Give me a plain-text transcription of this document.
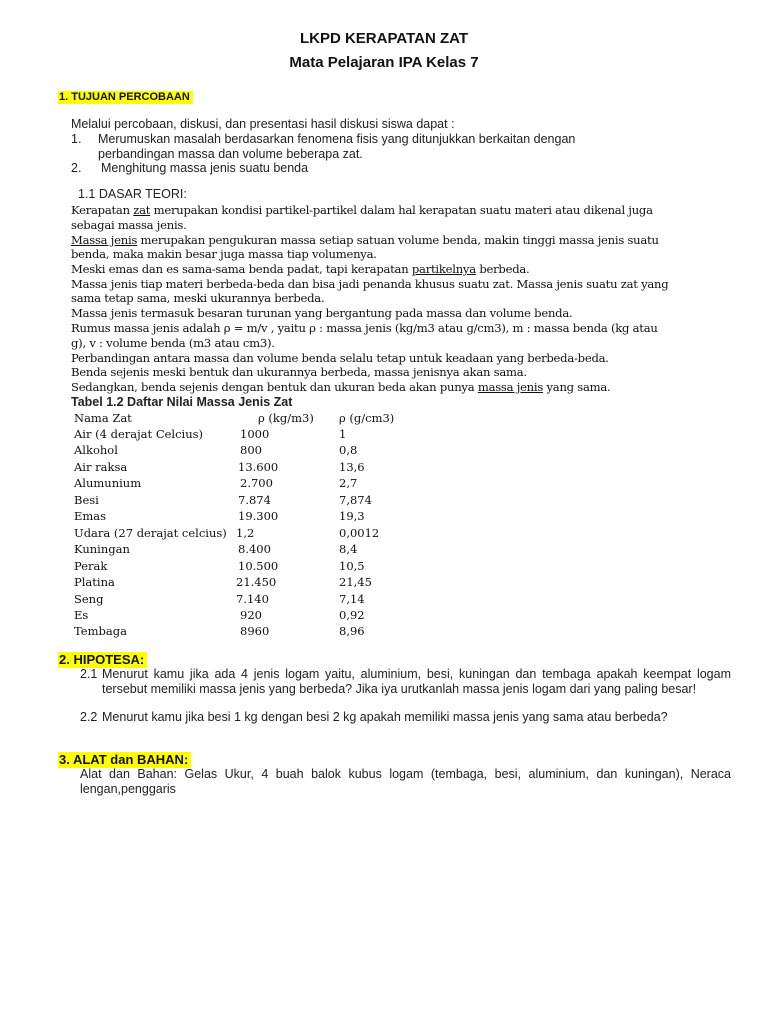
LKPD KERAPATAN ZAT
Mata Pelajaran IPA Kelas 7
1. TUJUAN PERCOBAAN
Melalui percobaan, diskusi, dan presentasi hasil diskusi siswa dapat :
1. Merumuskan masalah berdasarkan fenomena fisis yang ditunjukkan berkaitan dengan
perbandingan massa dan volume beberapa zat.
2. Menghitung massa jenis suatu benda
1.1 DASAR TEORI:
Kerapatan zat merupakan kondisi partikel-partikel dalam hal kerapatan suatu materi atau dikenal juga
sebagai massa jenis.
Massa jenis merupakan pengukuran massa setiap satuan volume benda, makin tinggi massa jenis suatu
benda, maka makin besar juga massa tiap volumenya.
Meski emas dan es sama-sama benda padat, tapi kerapatan partikelnya berbeda.
Massa jenis tiap materi berbeda-beda dan bisa jadi penanda khusus suatu zat. Massa jenis suatu zat yang
sama tetap sama, meski ukurannya berbeda.
Massa jenis termasuk besaran turunan yang bergantung pada massa dan volume benda.
Rumus massa jenis adalah ρ = m/v , yaitu ρ : massa jenis (kg/m3 atau g/cm3), m : massa benda (kg atau
g), v : volume benda (m3 atau cm3).
Perbandingan antara massa dan volume benda selalu tetap untuk keadaan yang berbeda-beda.
Benda sejenis meski bentuk dan ukurannya berbeda, massa jenisnya akan sama.
Sedangkan, benda sejenis dengan bentuk dan ukuran beda akan punya massa jenis yang sama.
Tabel 1.2 Daftar Nilai Massa Jenis Zat
Nama Zat	ρ (kg/m3) ρ (g/cm3)
Air (4 derajat Celcius)	1000	1
Alkohol	800	0,8
Air raksa	13.600	13,6
Alumunium	2.700	2,7
Besi	7.874	7,874
Emas	19.300	19,3
Udara (27 derajat celcius) 1,2	0,0012
Kuningan	8.400	8,4
Perak	10.500	10,5
Platina	21.450	21,45
Seng	7.140	7,14
Es	920	0,92
Tembaga	8960	8,96
2. HIPOTESA:
2.1 Menurut kamu jika ada 4 jenis logam yaitu, aluminium, besi, kuningan dan tembaga apakah keempat logam tersebut memiliki massa jenis yang berbeda? Jika iya urutkanlah massa jenis logam dari yang paling besar!
2.2 Menurut kamu jika besi 1 kg dengan besi 2 kg apakah memiliki massa jenis yang sama atau berbeda?
3. ALAT dan BAHAN:
Alat dan Bahan: Gelas Ukur, 4 buah balok kubus logam (tembaga, besi, aluminium, dan kuningan), Neraca lengan,penggaris
